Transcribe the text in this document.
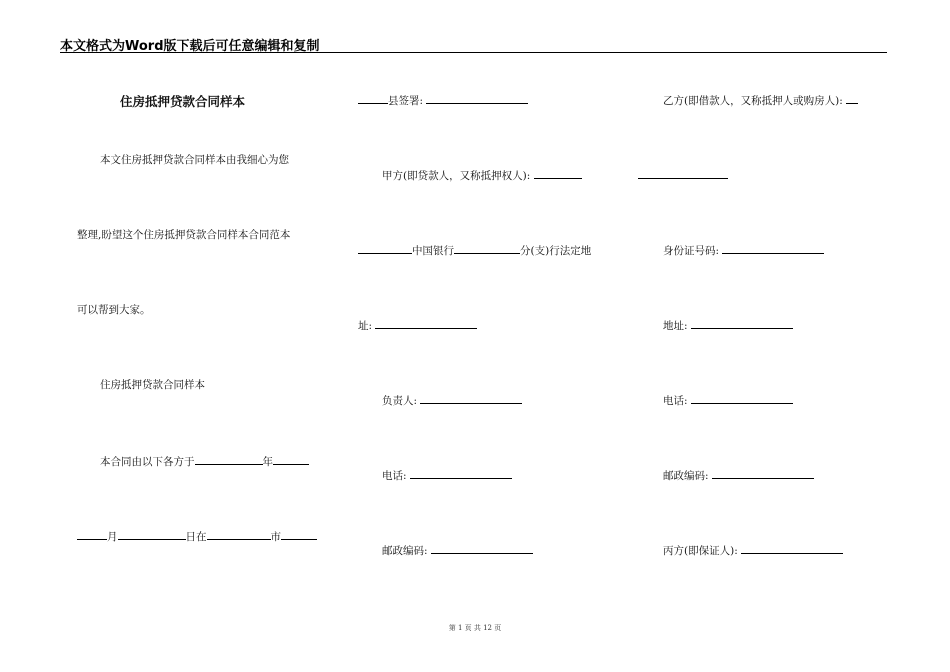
本文格式为Word版下载后可任意编辑和复制
住房抵押贷款合同样本
本文住房抵押贷款合同样本由我细心为您
整理,盼望这个住房抵押贷款合同样本合同范本
可以帮到大家。
住房抵押贷款合同样本
本合同由以下各方于	年
月	日在	市
县签署:
甲方(即贷款人，又称抵押权人):
中国银行	分(支)行法定地
址:
负责人:
电话:
邮政编码:
乙方(即借款人，又称抵押人或购房人):
身份证号码:
地址:
电话:
邮政编码:
丙方(即保证人):
第 1 页 共 12 页
